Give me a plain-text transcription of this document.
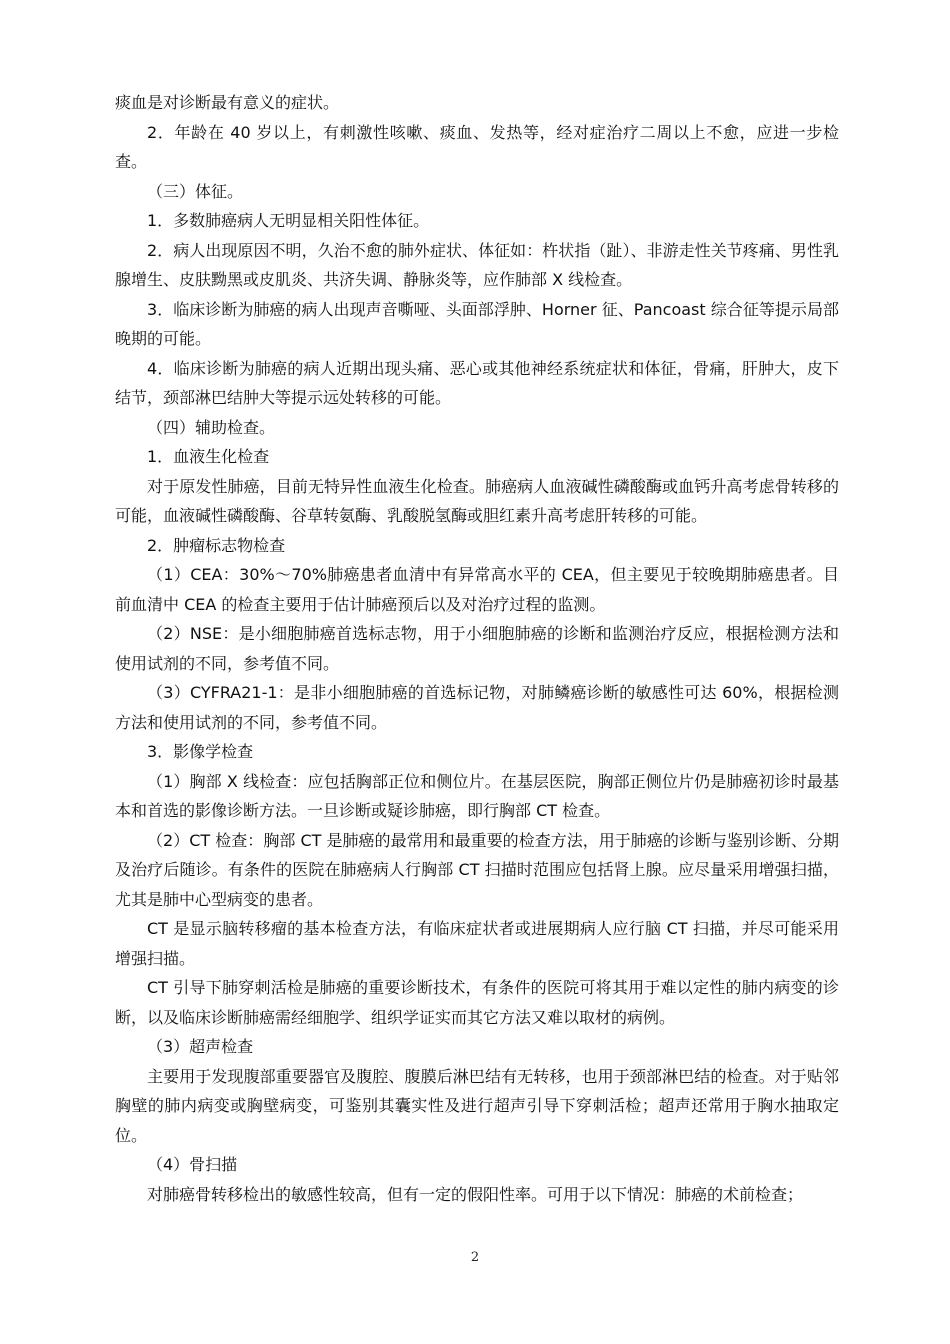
痰血是对诊断最有意义的症状。

2．年龄在 40 岁以上，有刺激性咳嗽、痰血、发热等，经对症治疗二周以上不愈，应进一步检查。

（三）体征。

1．多数肺癌病人无明显相关阳性体征。

2．病人出现原因不明，久治不愈的肺外症状、体征如：杵状指（趾）、非游走性关节疼痛、男性乳腺增生、皮肤黝黑或皮肌炎、共济失调、静脉炎等，应作肺部 X 线检查。

3．临床诊断为肺癌的病人出现声音嘶哑、头面部浮肿、Horner 征、Pancoast 综合征等提示局部晚期的可能。

4．临床诊断为肺癌的病人近期出现头痛、恶心或其他神经系统症状和体征，骨痛，肝肿大，皮下结节，颈部淋巴结肿大等提示远处转移的可能。

（四）辅助检查。

1．血液生化检查

对于原发性肺癌，目前无特异性血液生化检查。肺癌病人血液碱性磷酸酶或血钙升高考虑骨转移的可能，血液碱性磷酸酶、谷草转氨酶、乳酸脱氢酶或胆红素升高考虑肝转移的可能。

2．肿瘤标志物检查

（1）CEA：30%～70%肺癌患者血清中有异常高水平的 CEA，但主要见于较晚期肺癌患者。目前血清中 CEA 的检查主要用于估计肺癌预后以及对治疗过程的监测。

（2）NSE：是小细胞肺癌首选标志物，用于小细胞肺癌的诊断和监测治疗反应，根据检测方法和使用试剂的不同，参考值不同。

（3）CYFRA21-1：是非小细胞肺癌的首选标记物，对肺鳞癌诊断的敏感性可达 60%，根据检测方法和使用试剂的不同，参考值不同。

3．影像学检查

（1）胸部 X 线检查：应包括胸部正位和侧位片。在基层医院，胸部正侧位片仍是肺癌初诊时最基本和首选的影像诊断方法。一旦诊断或疑诊肺癌，即行胸部 CT 检查。

（2）CT 检查：胸部 CT 是肺癌的最常用和最重要的检查方法，用于肺癌的诊断与鉴别诊断、分期及治疗后随诊。有条件的医院在肺癌病人行胸部 CT 扫描时范围应包括肾上腺。应尽量采用增强扫描，尤其是肺中心型病变的患者。

CT 是显示脑转移瘤的基本检查方法，有临床症状者或进展期病人应行脑 CT 扫描，并尽可能采用增强扫描。

CT 引导下肺穿刺活检是肺癌的重要诊断技术，有条件的医院可将其用于难以定性的肺内病变的诊断，以及临床诊断肺癌需经细胞学、组织学证实而其它方法又难以取材的病例。

（3）超声检查

主要用于发现腹部重要器官及腹腔、腹膜后淋巴结有无转移，也用于颈部淋巴结的检查。对于贴邻胸壁的肺内病变或胸壁病变，可鉴别其囊实性及进行超声引导下穿刺活检；超声还常用于胸水抽取定位。

（4）骨扫描

对肺癌骨转移检出的敏感性较高，但有一定的假阳性率。可用于以下情况：肺癌的术前检查；

2
